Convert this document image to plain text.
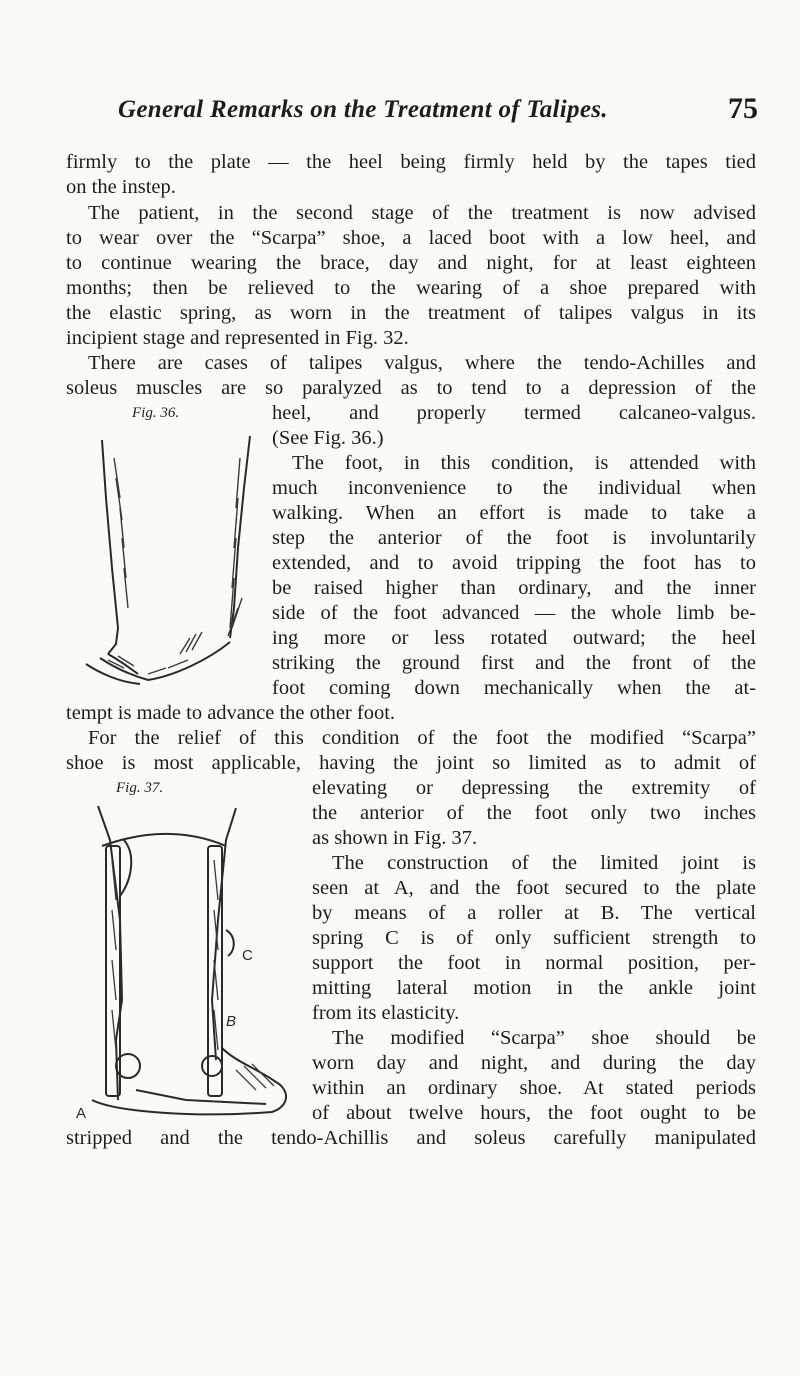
General Remarks on the Treatment of Talipes.	75
firmly to the plate — the heel being firmly held by the tapes tied
on the instep.
The patient, in the second stage of the treatment is now advised
to wear over the “Scarpa” shoe, a laced boot with a low heel, and
to continue wearing the brace, day and night, for at least eighteen
months; then be relieved to the wearing of a shoe prepared with
the elastic spring, as worn in the treatment of talipes valgus in its
incipient stage and represented in Fig. 32.
There are cases of talipes valgus, where the tendo-Achilles and
soleus muscles are so paralyzed as to tend to a depression of the
heel, and properly termed calcaneo-valgus.
(See Fig. 36.)
The foot, in this condition, is attended with
much inconvenience to the individual when
walking. When an effort is made to take a
step the anterior of the foot is involuntarily
extended, and to avoid tripping the foot has to
be raised higher than ordinary, and the inner
side of the foot advanced — the whole limb be-
ing more or less rotated outward; the heel
striking the ground first and the front of the
foot coming down mechanically when the at-
tempt is made to advance the other foot.
For the relief of this condition of the foot the modified “Scarpa”
shoe is most applicable, having the joint so limited as to admit of
elevating or depressing the extremity of
the anterior of the foot only two inches
as shown in Fig. 37.
The construction of the limited joint is
seen at A, and the foot secured to the plate
by means of a roller at B. The vertical
spring C is of only sufficient strength to
support the foot in normal position, per-
mitting lateral motion in the ankle joint
from its elasticity.
The modified “Scarpa” shoe should be
worn day and night, and during the day
within an ordinary shoe. At stated periods
of about twelve hours, the foot ought to be
stripped and the tendo-Achillis and soleus carefully manipulated
Fig. 36.
Fig. 37.
C
B
A
